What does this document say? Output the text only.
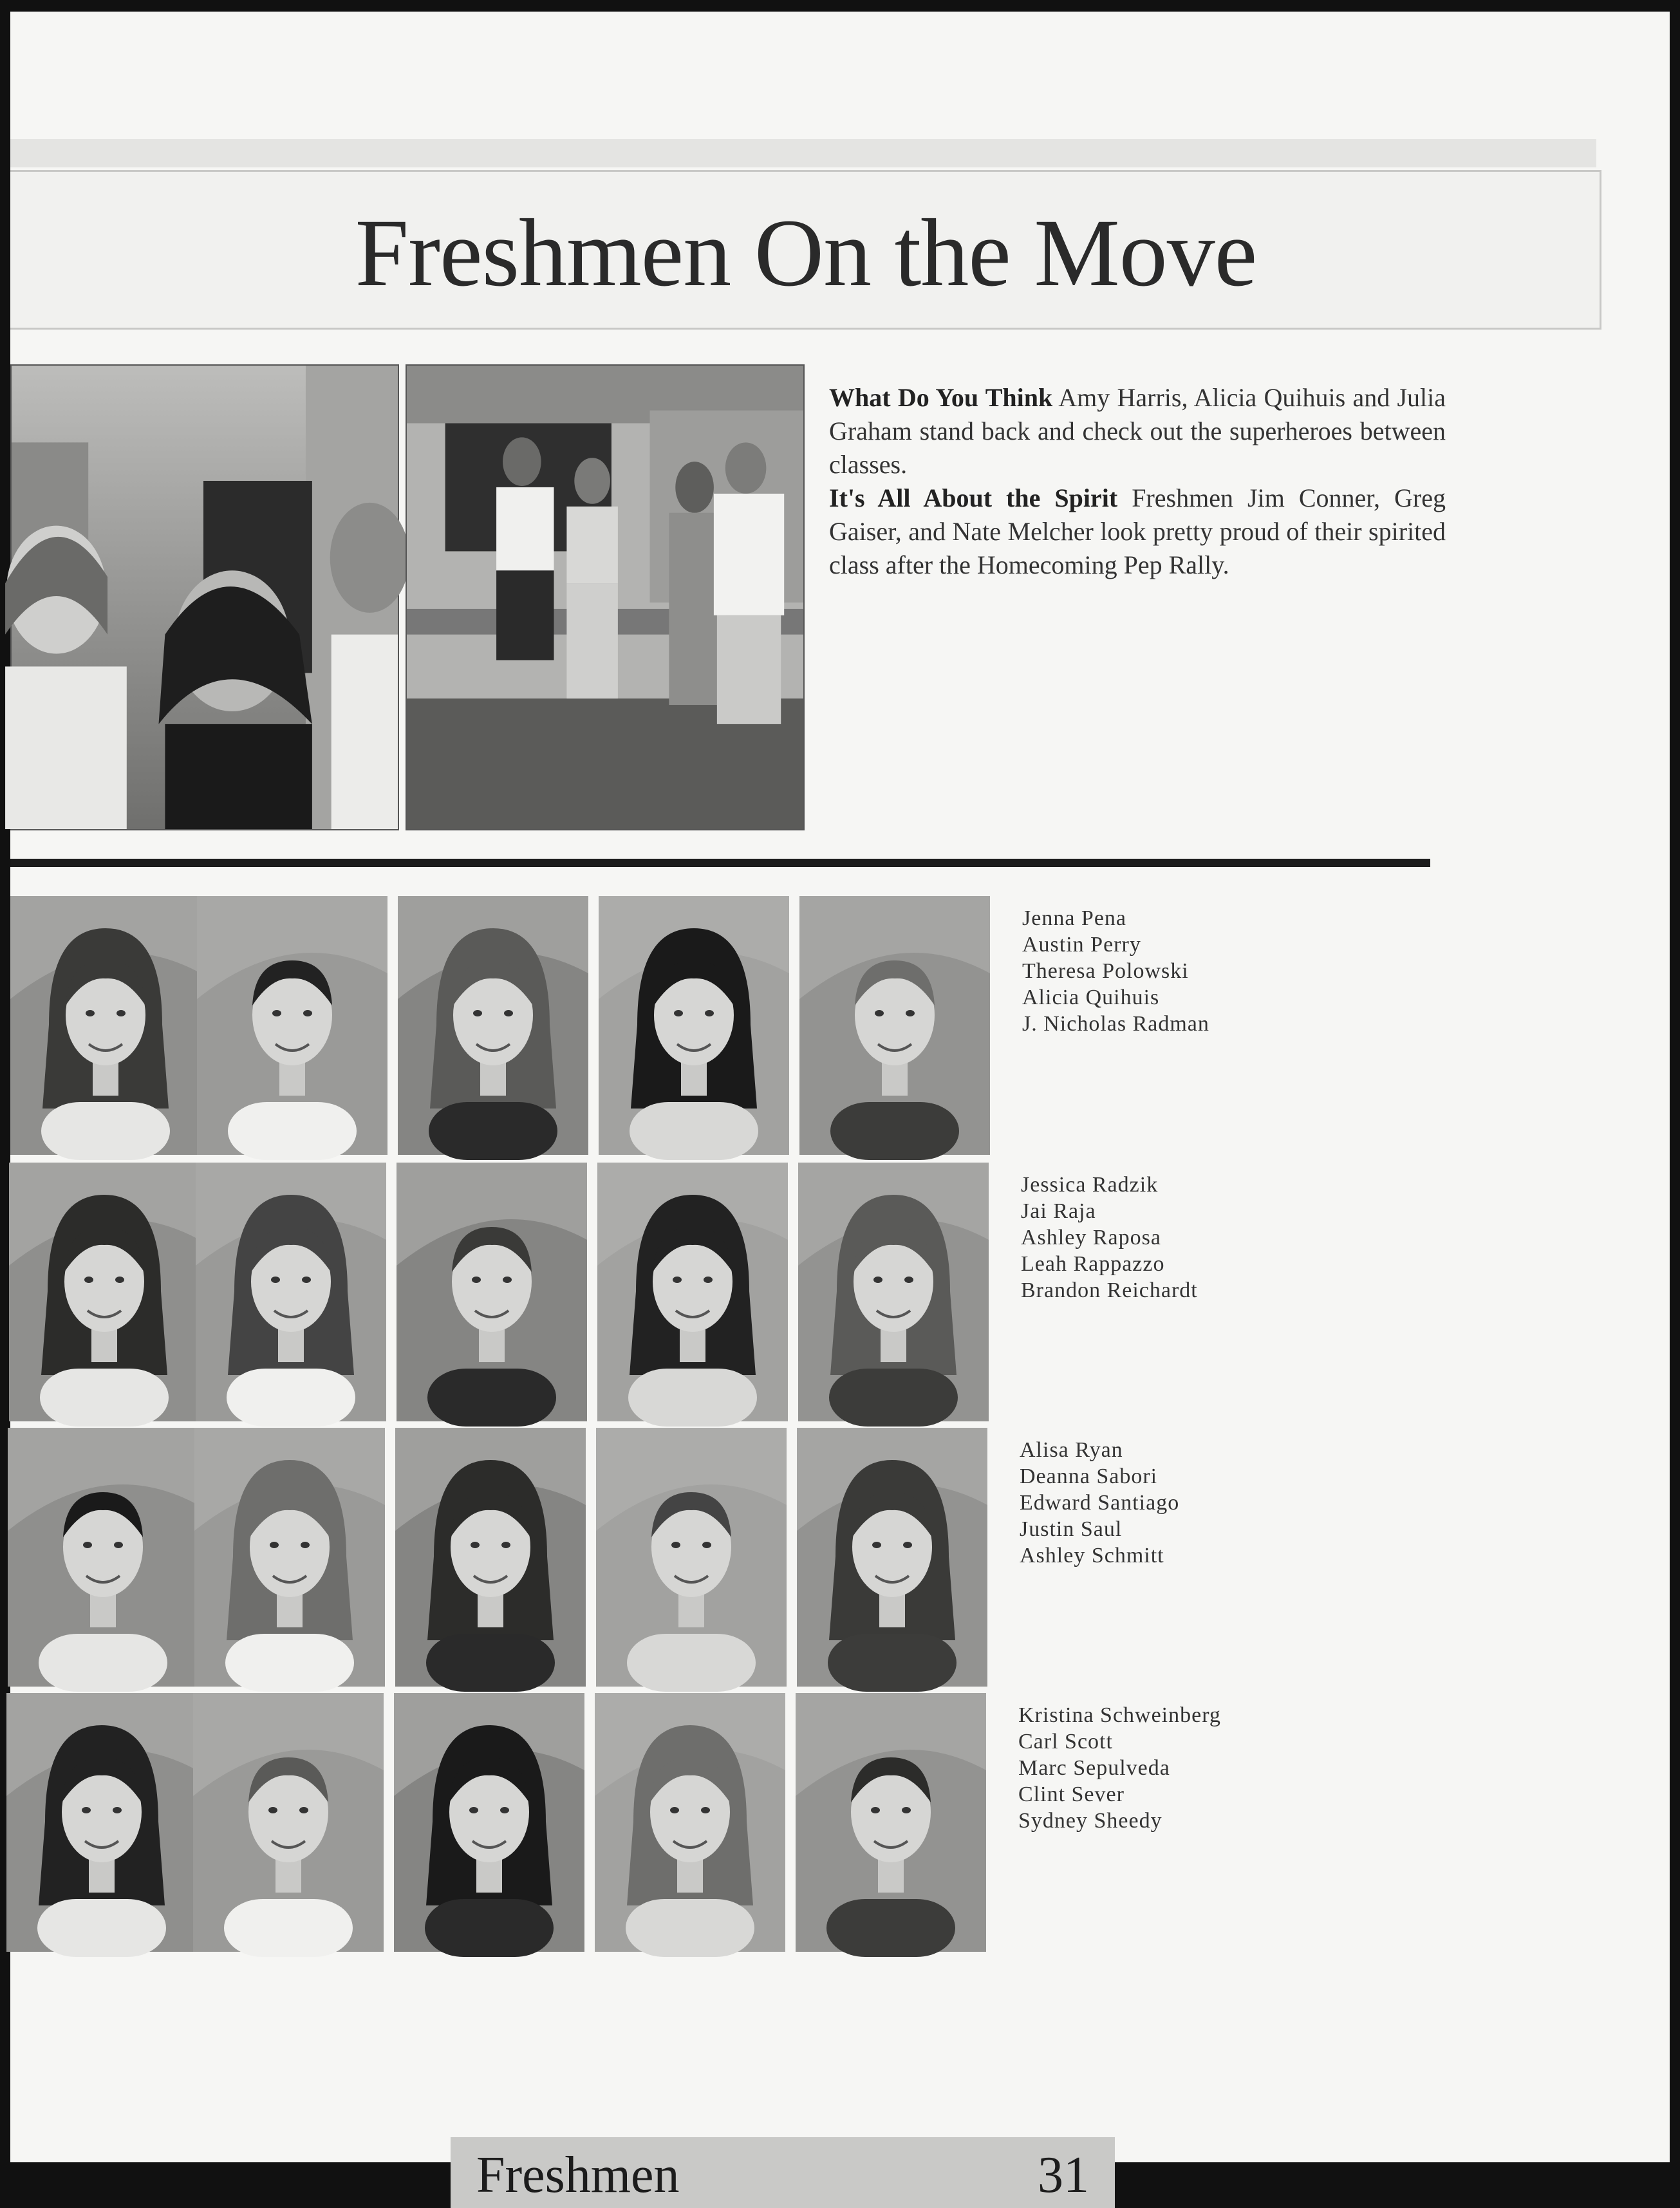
Freshmen On the Move

What Do You Think Amy Harris, Alicia Quihuis and Julia Graham stand back and check out the superheroes between classes.

It's All About the Spirit Freshmen Jim Conner, Greg Gaiser, and Nate Melcher look pretty proud of their spirited class after the Homecoming Pep Rally.

Jenna Pena
Austin Perry
Theresa Polowski
Alicia Quihuis
J. Nicholas Radman
Jessica Radzik
Jai Raja
Ashley Raposa
Leah Rappazzo
Brandon Reichardt
Alisa Ryan
Deanna Sabori
Edward Santiago
Justin Saul
Ashley Schmitt
Kristina Schweinberg
Carl Scott
Marc Sepulveda
Clint Sever
Sydney Sheedy
Freshmen	31
